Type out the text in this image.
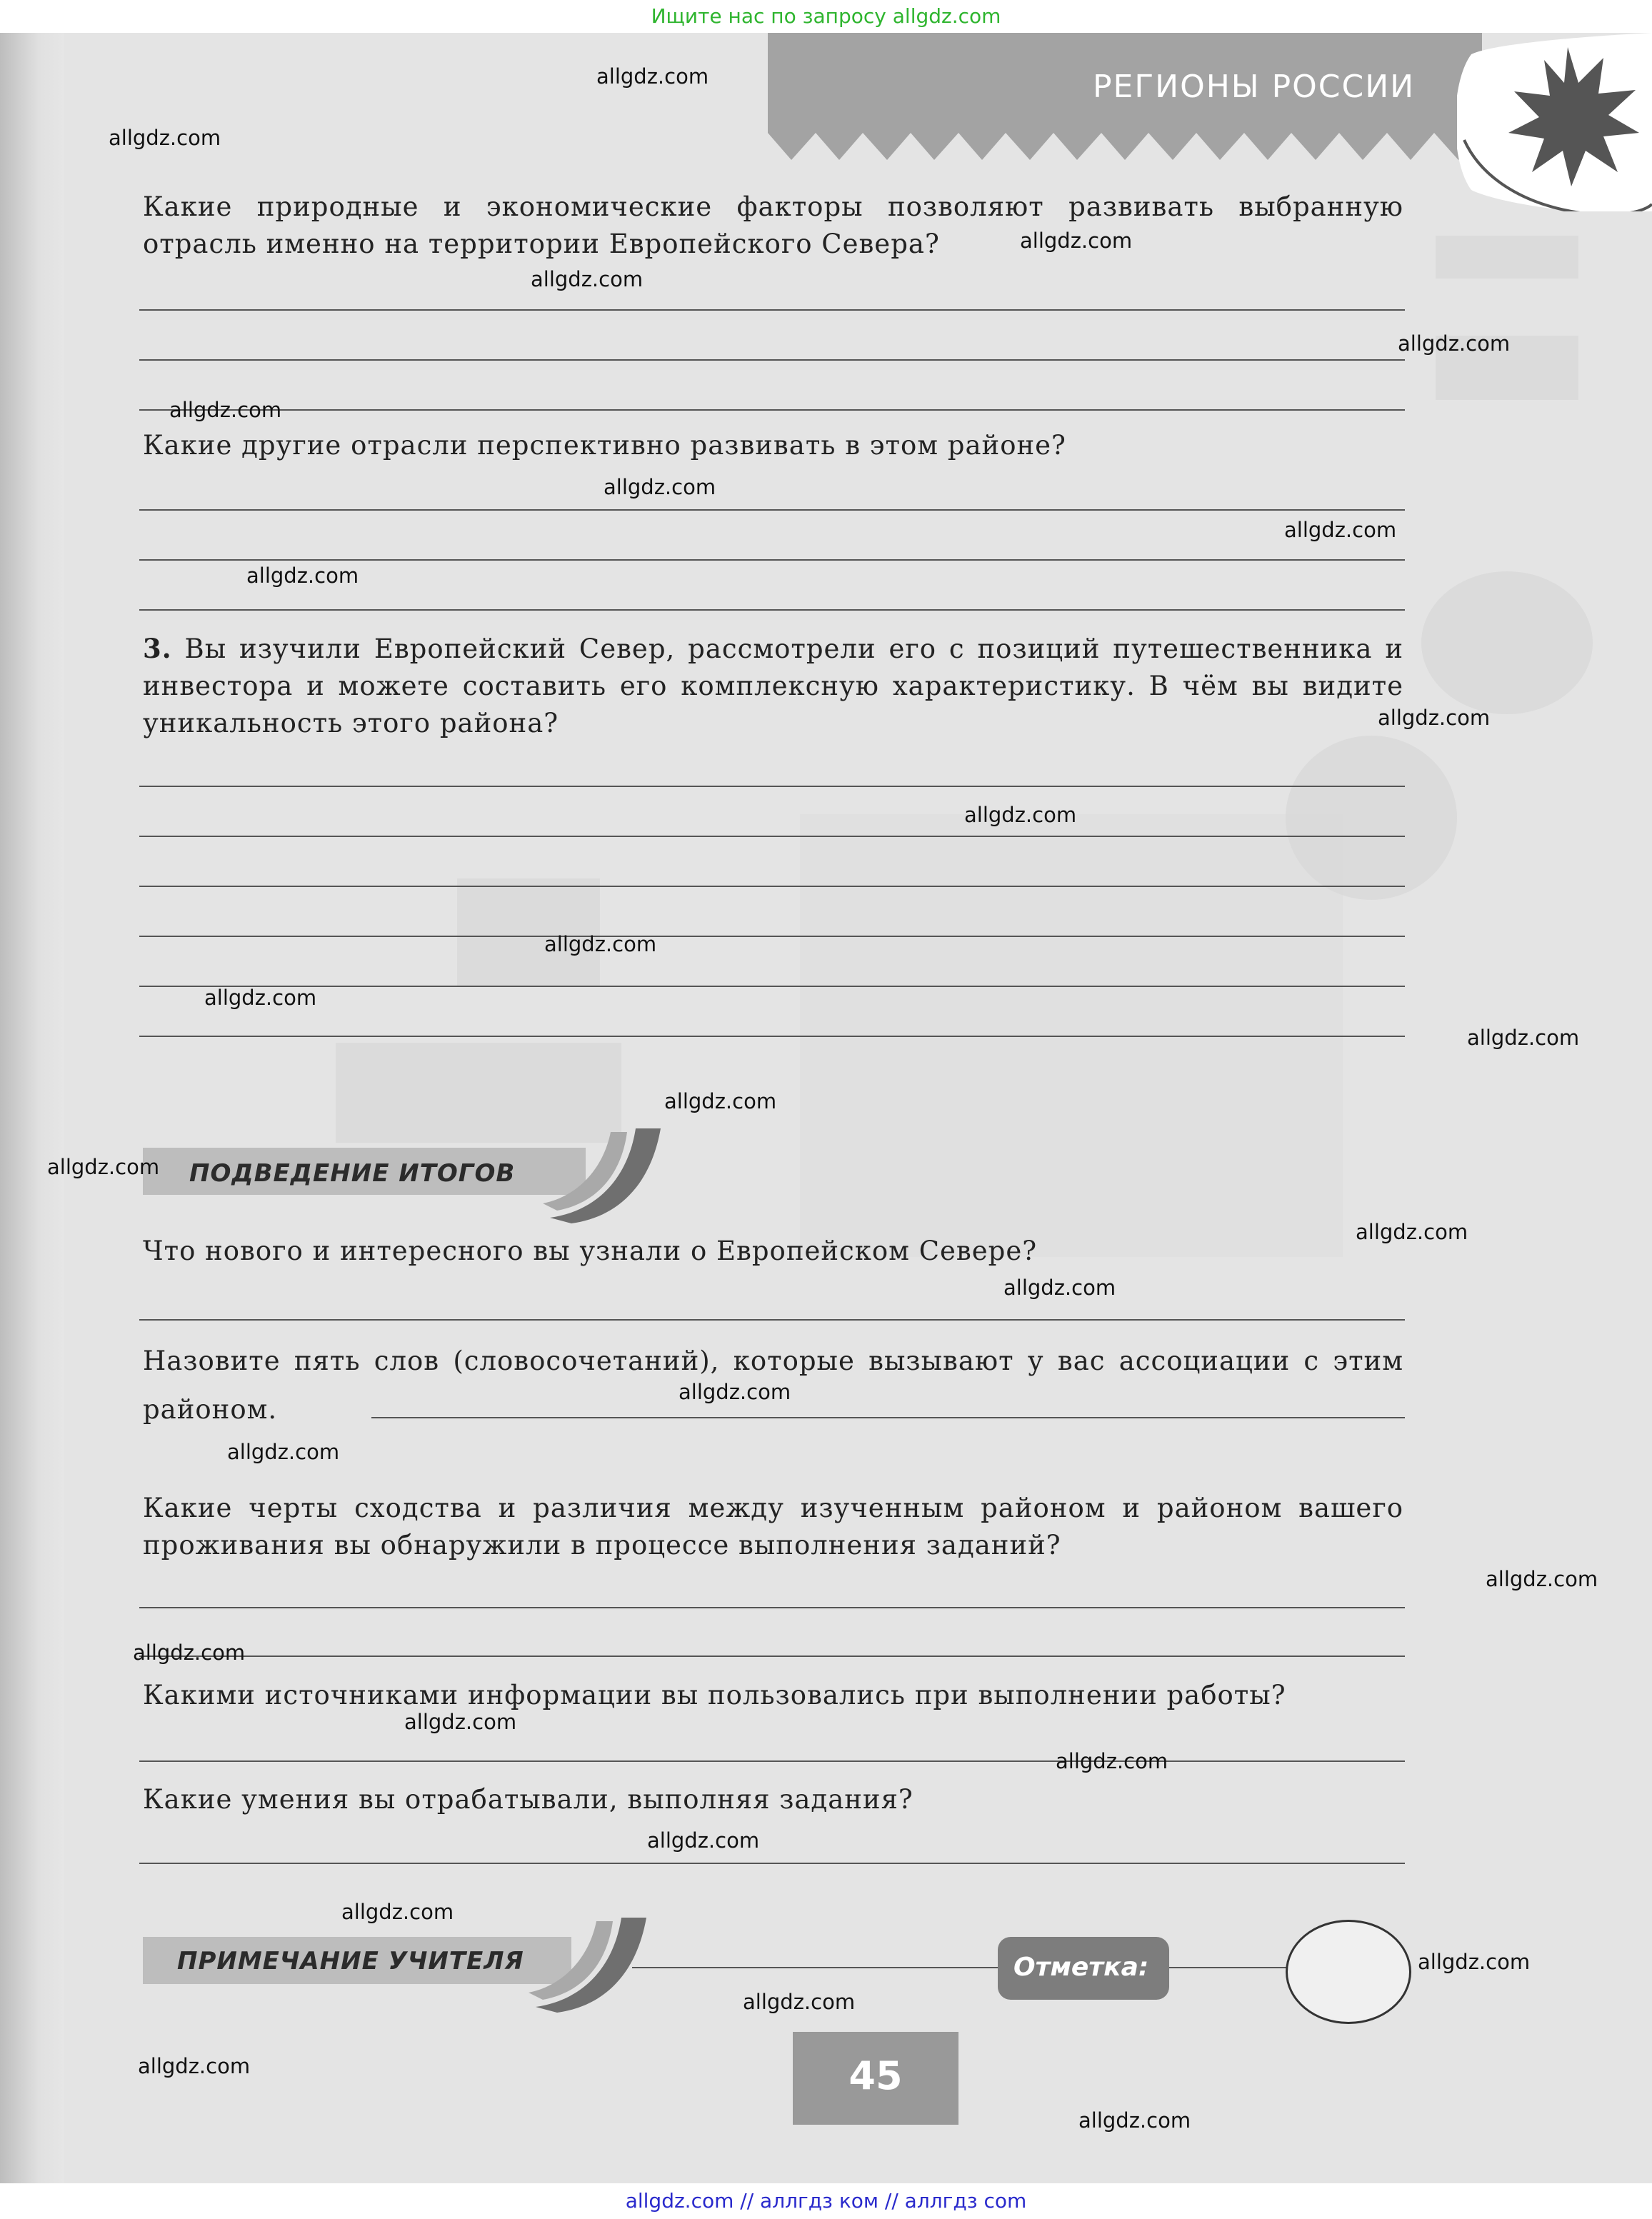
Ищите нас по запросу allgdz.com
РЕГИОНЫ РОССИИ
Какие природные и экономические факторы позволяют развивать выбранную отрасль именно на территории Европейского Севера?
Какие другие отрасли перспективно развивать в этом районе?
3. Вы изучили Европейский Север, рассмотрели его с позиций путешественника и инвестора и можете составить его комплексную характеристику. В чём вы видите уникальность этого района?
ПОДВЕДЕНИЕ ИТОГОВ
Что нового и интересного вы узнали о Европейском Севере?
Назовите пять слов (словосочетаний), которые вызывают у вас ассоциации с этим районом.
Какие черты сходства и различия между изученным районом и районом вашего проживания вы обнаружили в процессе выполнения заданий?
Какими источниками информации вы пользовались при выполнении работы?
Какие умения вы отрабатывали, выполняя задания?
ПРИМЕЧАНИЕ УЧИТЕЛЯ	Отметка:
45
allgdz.com
allgdz.com
allgdz.com
allgdz.com
allgdz.com
allgdz.com
allgdz.com
allgdz.com
allgdz.com
allgdz.com
allgdz.com
allgdz.com
allgdz.com
allgdz.com
allgdz.com
allgdz.com
allgdz.com
allgdz.com
allgdz.com
allgdz.com
allgdz.com
allgdz.com
allgdz.com
allgdz.com
allgdz.com
allgdz.com
allgdz.com
allgdz.com
allgdz.com
allgdz.com
allgdz.com // аллгдз ком // аллгдз com
